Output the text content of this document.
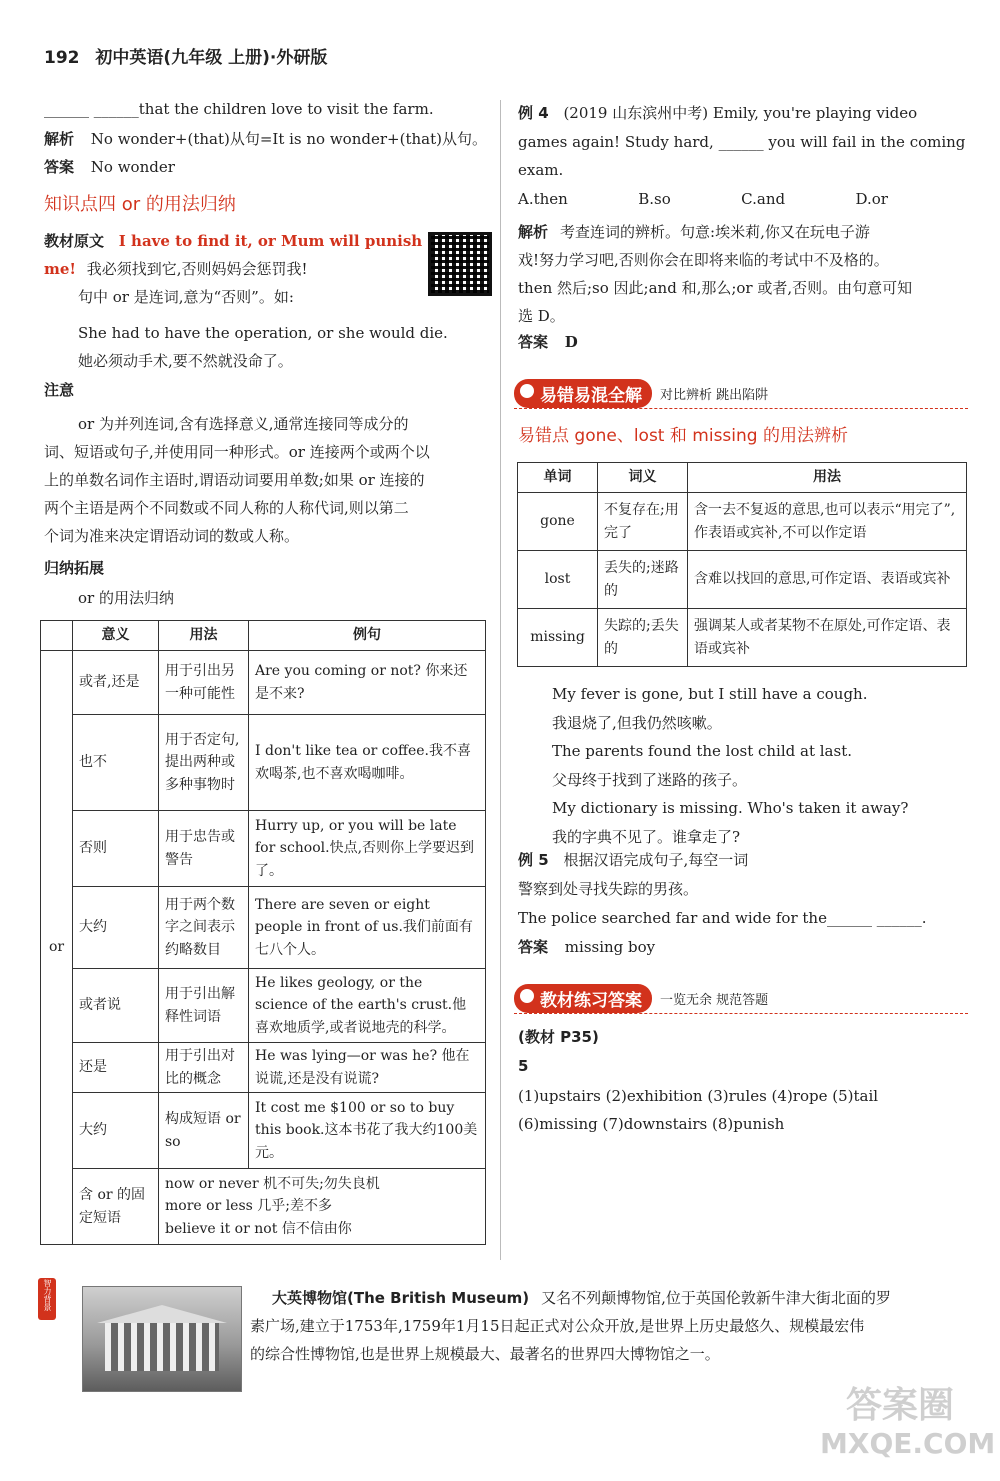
192 初中英语(九年级 上册)·外研版
______ ______that the children love to visit the farm.
解析 No wonder+(that)从句=It is no wonder+(that)从句。
答案 No wonder
知识点四 or 的用法归纳
教材原文 I have to find it, or Mum will punish
me! 我必须找到它,否则妈妈会惩罚我!
句中 or 是连词,意为“否则”。如:
She had to have the operation, or she would die.
她必须动手术,要不然就没命了。
注意
or 为并列连词,含有选择意义,通常连接同等成分的
词、短语或句子,并使用同一种形式。or 连接两个或两个以
上的单数名词作主语时,谓语动词要用单数;如果 or 连接的
两个主语是两个不同数或不同人称的人称代词,则以第二
个词为准来决定谓语动词的数或人称。
归纳拓展
or 的用法归纳
	意义	用法	例句
or	或者,还是	用于引出另一种可能性	Are you coming or not? 你来还是不来?
	也不	用于否定句,提出两种或多种事物时	I don't like tea or coffee.我不喜欢喝茶,也不喜欢喝咖啡。
	否则	用于忠告或警告	Hurry up, or you will be late for school.快点,否则你上学要迟到了。
	大约	用于两个数字之间表示约略数目	There are seven or eight people in front of us.我们前面有七八个人。
	或者说	用于引出解释性词语	He likes geology, or the science of the earth's crust.他喜欢地质学,或者说地壳的科学。
	还是	用于引出对比的概念	He was lying—or was he? 他在说谎,还是没有说谎?
	大约	构成短语 or so	It cost me $100 or so to buy this book.这本书花了我大约100美元。
	含 or 的固定短语	now or never 机不可失;勿失良机
more or less 几乎;差不多
believe it or not 信不信由你	
例 4 (2019 山东滨州中考) Emily, you're playing video
games again! Study hard, ______ you will fail in the coming
exam.
A.then	B.so	C.and	D.or
解析 考查连词的辨析。句意:埃米莉,你又在玩电子游
戏!努力学习吧,否则你会在即将来临的考试中不及格的。
then 然后;so 因此;and 和,那么;or 或者,否则。由句意可知
选 D。
答案 D
易错易混全解	对比辨析 跳出陷阱
易错点 gone、lost 和 missing 的用法辨析
单词	词义	用法
gone	不复存在;用完了	含一去不复返的意思,也可以表示“用完了”,作表语或宾补,不可以作定语
lost	丢失的;迷路的	含难以找回的意思,可作定语、表语或宾补
missing	失踪的;丢失的	强调某人或者某物不在原处,可作定语、表语或宾补
My fever is gone, but I still have a cough.
我退烧了,但我仍然咳嗽。
The parents found the lost child at last.
父母终于找到了迷路的孩子。
My dictionary is missing. Who's taken it away?
我的字典不见了。谁拿走了?
例 5 根据汉语完成句子,每空一词
警察到处寻找失踪的男孩。
The police searched far and wide for the______ ______.
答案 missing boy
教材练习答案	一览无余 规范答题
(教材 P35)
5
(1)upstairs (2)exhibition (3)rules (4)rope (5)tail
(6)missing (7)downstairs (8)punish
智力背景	大英博物馆(The British Museum) 又名不列颠博物馆,位于英国伦敦新牛津大街北面的罗
素广场,建立于1753年,1759年1月15日起正式对公众开放,是世界上历史最悠久、规模最宏伟
的综合性博物馆,也是世界上规模最大、最著名的世界四大博物馆之一。
答案圈
MXQE.COM
